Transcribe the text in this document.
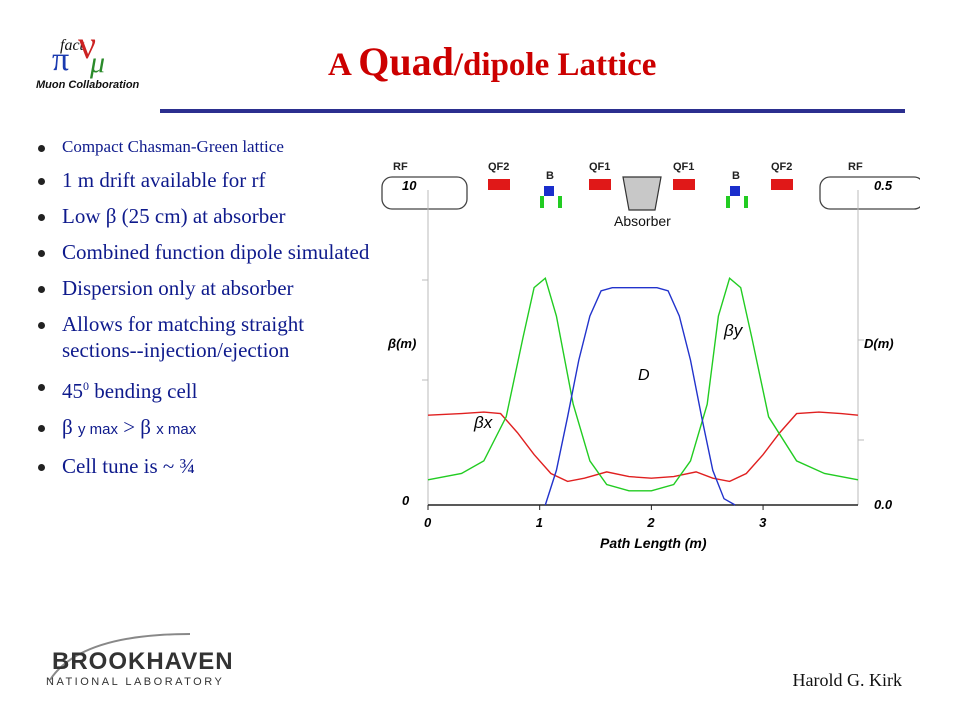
fact
π ν
μ
Muon Collaboration
A Quad/dipole Lattice
Compact Chasman-Green lattice
1 m drift available for rf
Low β (25 cm) at absorber
Combined function dipole simulated
Dispersion only at absorber
Allows for matching straight sections--injection/ejection
$45^0$ bending cell
β y max > β x max
Cell tune is ~ ¾
RF	QF2
B
QF1	QF1
B
QF2	RF
Absorber
β(m)	D(m)
Path Length (m)
0	1	2	3
0
10
0.0
0.5
βx
βy
D
BROOKHAVEN
NATIONAL LABORATORY	Harold G. Kirk
